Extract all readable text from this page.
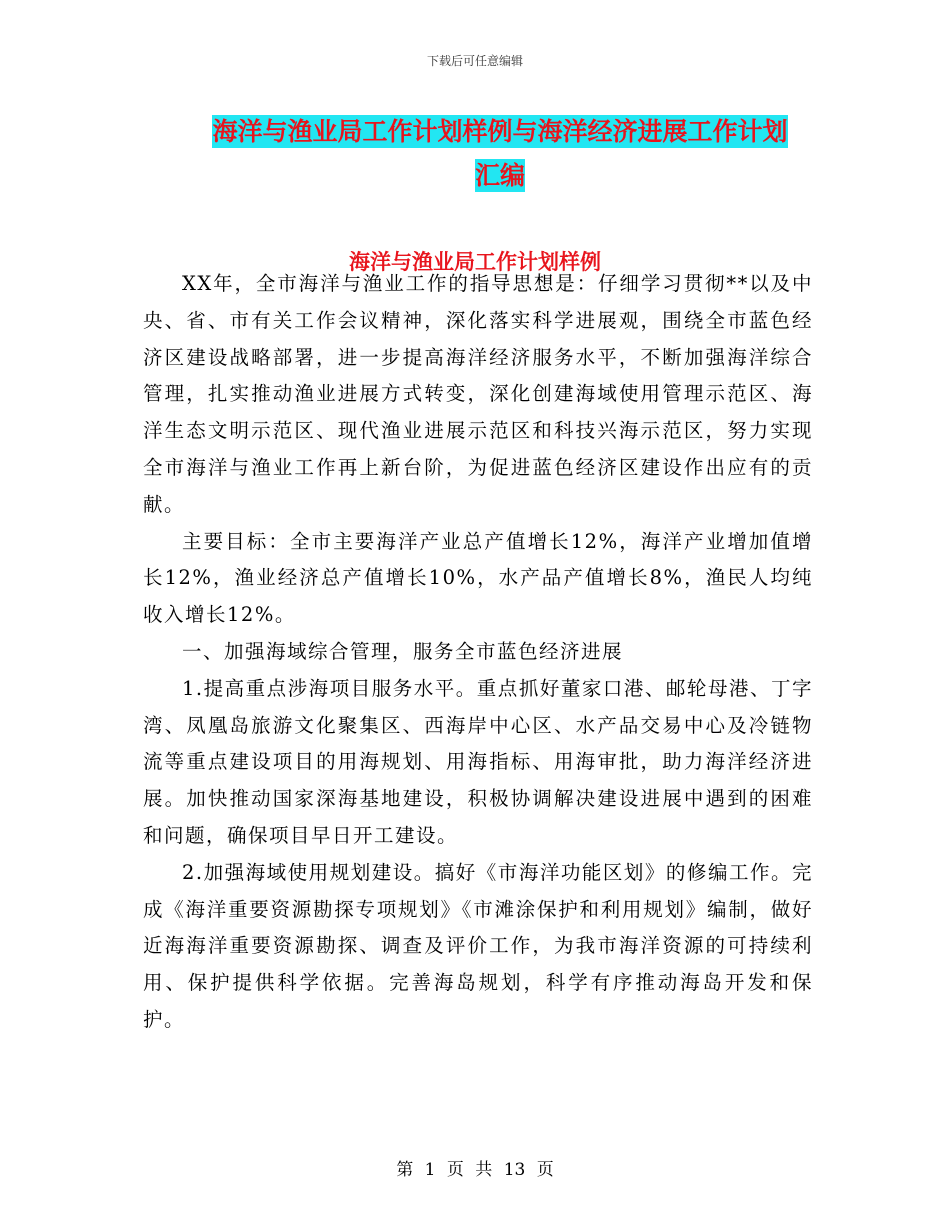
下载后可任意编辑
海洋与渔业局工作计划样例与海洋经济进展工作计划
汇编
海洋与渔业局工作计划样例

XX年，全市海洋与渔业工作的指导思想是：仔细学习贯彻**以及中央、省、市有关工作会议精神，深化落实科学进展观，围绕全市蓝色经济区建设战略部署，进一步提高海洋经济服务水平，不断加强海洋综合管理，扎实推动渔业进展方式转变，深化创建海域使用管理示范区、海洋生态文明示范区、现代渔业进展示范区和科技兴海示范区，努力实现全市海洋与渔业工作再上新台阶，为促进蓝色经济区建设作出应有的贡献。

主要目标：全市主要海洋产业总产值增长12%，海洋产业增加值增长12%，渔业经济总产值增长10%，水产品产值增长8%，渔民人均纯收入增长12%。

一、加强海域综合管理，服务全市蓝色经济进展

1.提高重点涉海项目服务水平。重点抓好董家口港、邮轮母港、丁字湾、凤凰岛旅游文化聚集区、西海岸中心区、水产品交易中心及冷链物流等重点建设项目的用海规划、用海指标、用海审批，助力海洋经济进展。加快推动国家深海基地建设，积极协调解决建设进展中遇到的困难和问题，确保项目早日开工建设。

2.加强海域使用规划建设。搞好《市海洋功能区划》的修编工作。完成《海洋重要资源勘探专项规划》《市滩涂保护和利用规划》编制，做好近海海洋重要资源勘探、调查及评价工作，为我市海洋资源的可持续利用、保护提供科学依据。完善海岛规划，科学有序推动海岛开发和保护。

第 1 页 共 13 页
